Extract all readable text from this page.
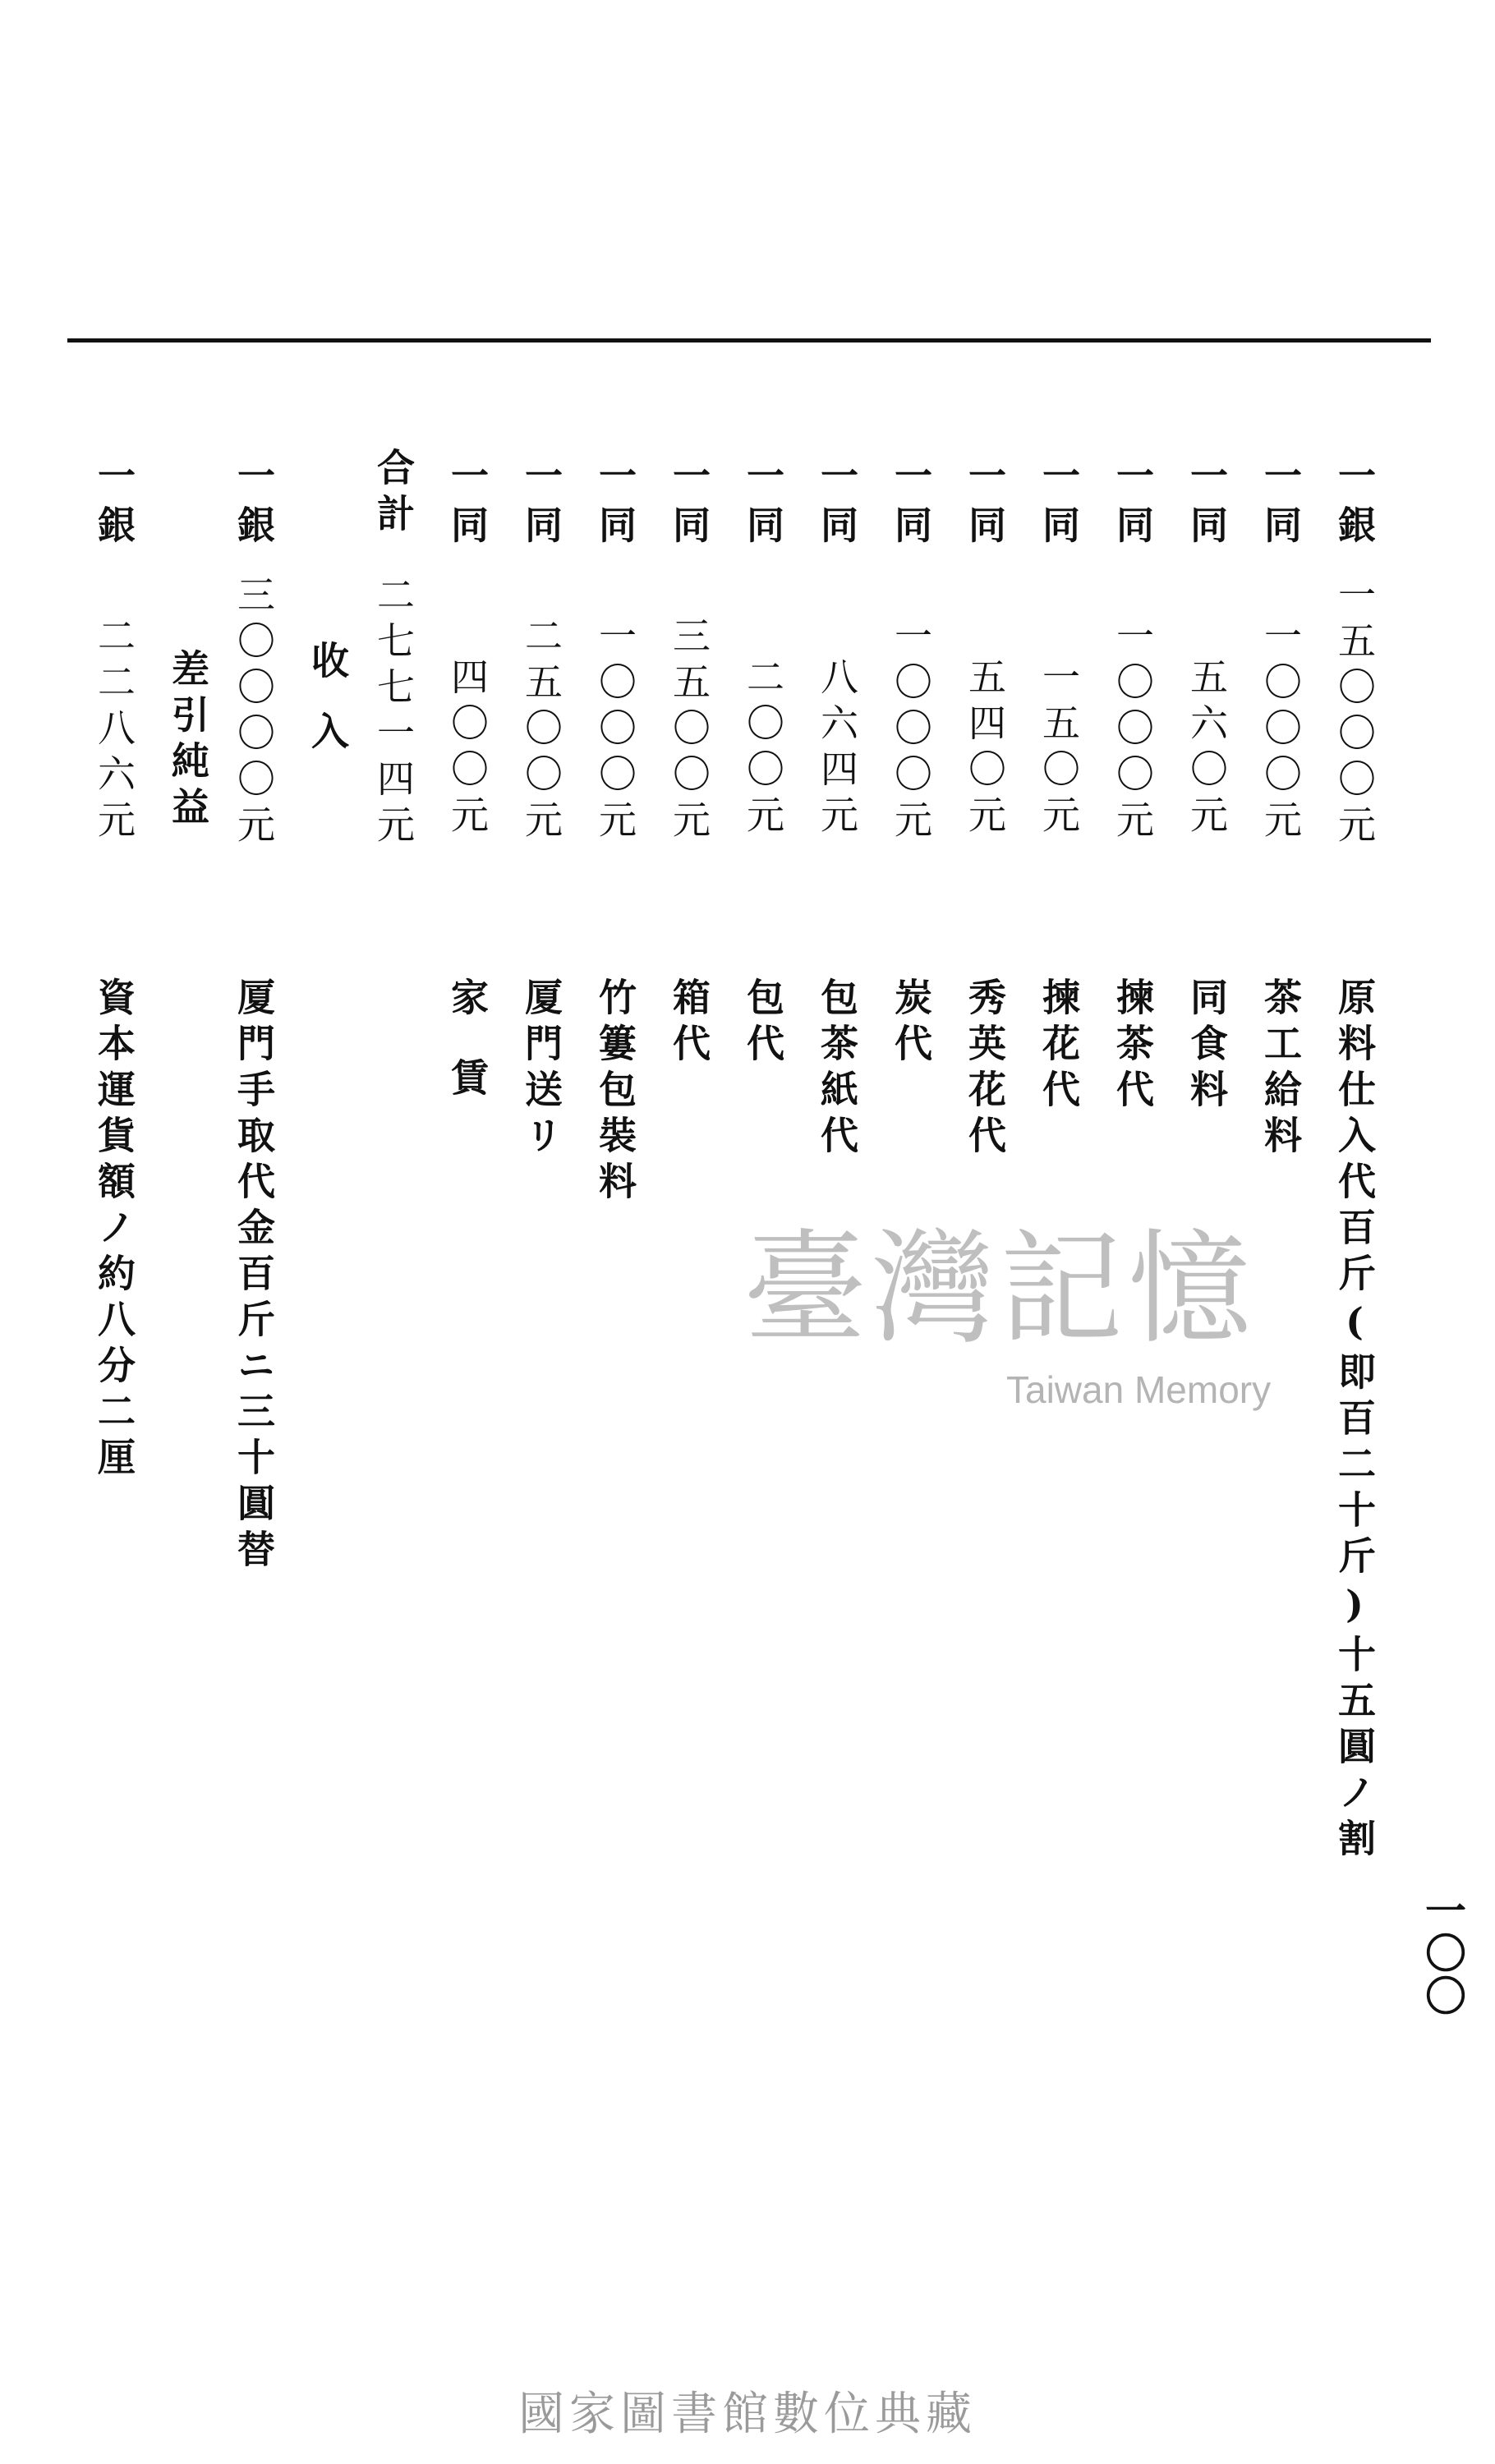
一〇〇
一
銀
一五〇〇〇元
原料仕入代百斤(即百二十斤)十五圓ノ割
一
同
一〇〇〇元
茶工給料
一
同
五六〇元
同食料
一
同
一〇〇〇元
揀茶代
一
同
一五〇元
揀花代
一
同
五四〇元
秀英花代
一
同
一〇〇〇元
炭代
一
同
八六四元
包茶紙代
一
同
二〇〇元
包代
一
同
三五〇〇元
箱代
一
同
一〇〇〇元
竹簍包裝料
一
同
二五〇〇元
厦門送リ
一
同
四〇〇元
家賃
合計
二七七一四元
收入
一
銀
三〇〇〇〇元
厦門手取代金百斤ニ三十圓替
差引純益
一
銀
二二八六元
資本運貨額ノ約八分二厘	臺灣記憶
Taiwan Memory
國家圖書館數位典藏
